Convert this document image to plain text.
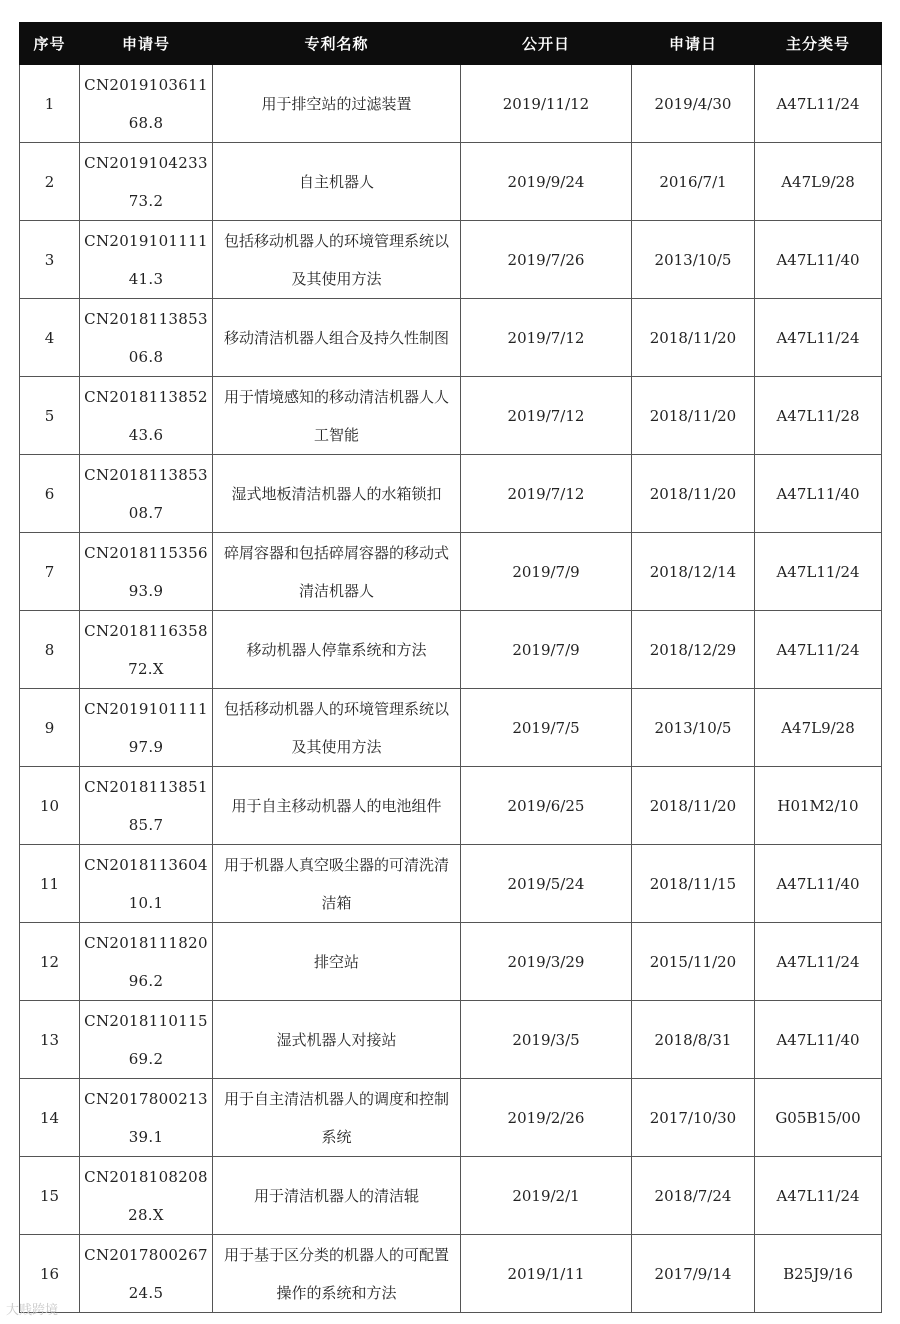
序号	申请号	专利名称	公开日	申请日	主分类号
1	CN201910361168.8	用于排空站的过滤装置	2019/11/12	2019/4/30	A47L11/24
2	CN201910423373.2	自主机器人	2019/9/24	2016/7/1	A47L9/28
3	CN201910111141.3	包括移动机器人的环境管理系统以及其使用方法	2019/7/26	2013/10/5	A47L11/40
4	CN201811385306.8	移动清洁机器人组合及持久性制图	2019/7/12	2018/11/20	A47L11/24
5	CN201811385243.6	用于情境感知的移动清洁机器人人工智能	2019/7/12	2018/11/20	A47L11/28
6	CN201811385308.7	湿式地板清洁机器人的水箱锁扣	2019/7/12	2018/11/20	A47L11/40
7	CN201811535693.9	碎屑容器和包括碎屑容器的移动式清洁机器人	2019/7/9	2018/12/14	A47L11/24
8	CN201811635872.X	移动机器人停靠系统和方法	2019/7/9	2018/12/29	A47L11/24
9	CN201910111197.9	包括移动机器人的环境管理系统以及其使用方法	2019/7/5	2013/10/5	A47L9/28
10	CN201811385185.7	用于自主移动机器人的电池组件	2019/6/25	2018/11/20	H01M2/10
11	CN201811360410.1	用于机器人真空吸尘器的可清洗清洁箱	2019/5/24	2018/11/15	A47L11/40
12	CN201811182096.2	排空站	2019/3/29	2015/11/20	A47L11/24
13	CN201811011569.2	湿式机器人对接站	2019/3/5	2018/8/31	A47L11/40
14	CN201780021339.1	用于自主清洁机器人的调度和控制系统	2019/2/26	2017/10/30	G05B15/00
15	CN201810820828.X	用于清洁机器人的清洁辊	2019/2/1	2018/7/24	A47L11/24
16	CN201780026724.5	用于基于区分类的机器人的可配置操作的系统和方法	2019/1/11	2017/9/14	B25J9/16
大贱跨境
